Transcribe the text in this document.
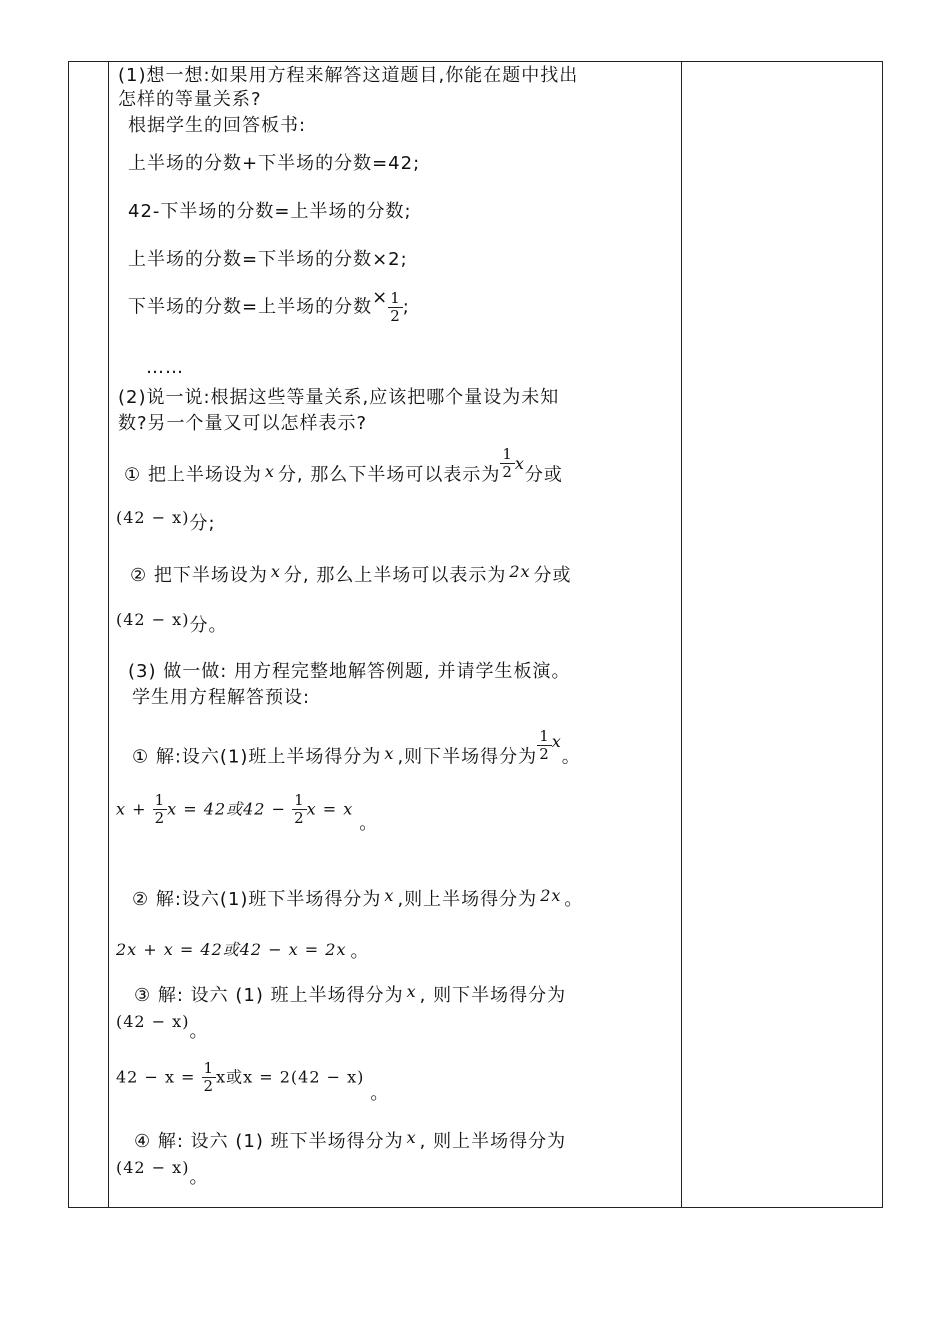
(1)想一想:如果用方程来解答这道题目,你能在题中找出
怎样的等量关系?
根据学生的回答板书:
上半场的分数+下半场的分数=42;
42-下半场的分数=上半场的分数;
上半场的分数=下半场的分数×2;
下半场的分数=上半场的分数× $\frac{1}{2}$ ;
……
(2)说一说:根据这些等量关系,应该把哪个量设为未知
数?另一个量又可以怎样表示?
① 把上半场设为 x 分, 那么下半场可以表示为 $\frac{1}{2}$ x分或
(42 − x)分;
② 把下半场设为 x 分, 那么上半场可以表示为 2x 分或
(42 − x)分。
(3) 做一做: 用方程完整地解答例题, 并请学生板演。
学生用方程解答预设:
① 解:设六(1)班上半场得分为 x ,则下半场得分为 $\frac{1}{2}$ x。
$x + \frac{1}{2}$ x = 42或$42 - \frac{1}{2}$ x = x。
② 解:设六(1)班下半场得分为 x ,则上半场得分为 2x 。
2x + x = 42或42 − x = 2x 。
③ 解: 设六 (1) 班上半场得分为 x , 则下半场得分为
(42 − x)。
$42 - x = \frac{1}{2}$ x或x = 2(42 − x)。
④ 解: 设六 (1) 班下半场得分为 x , 则上半场得分为
(42 − x)。
